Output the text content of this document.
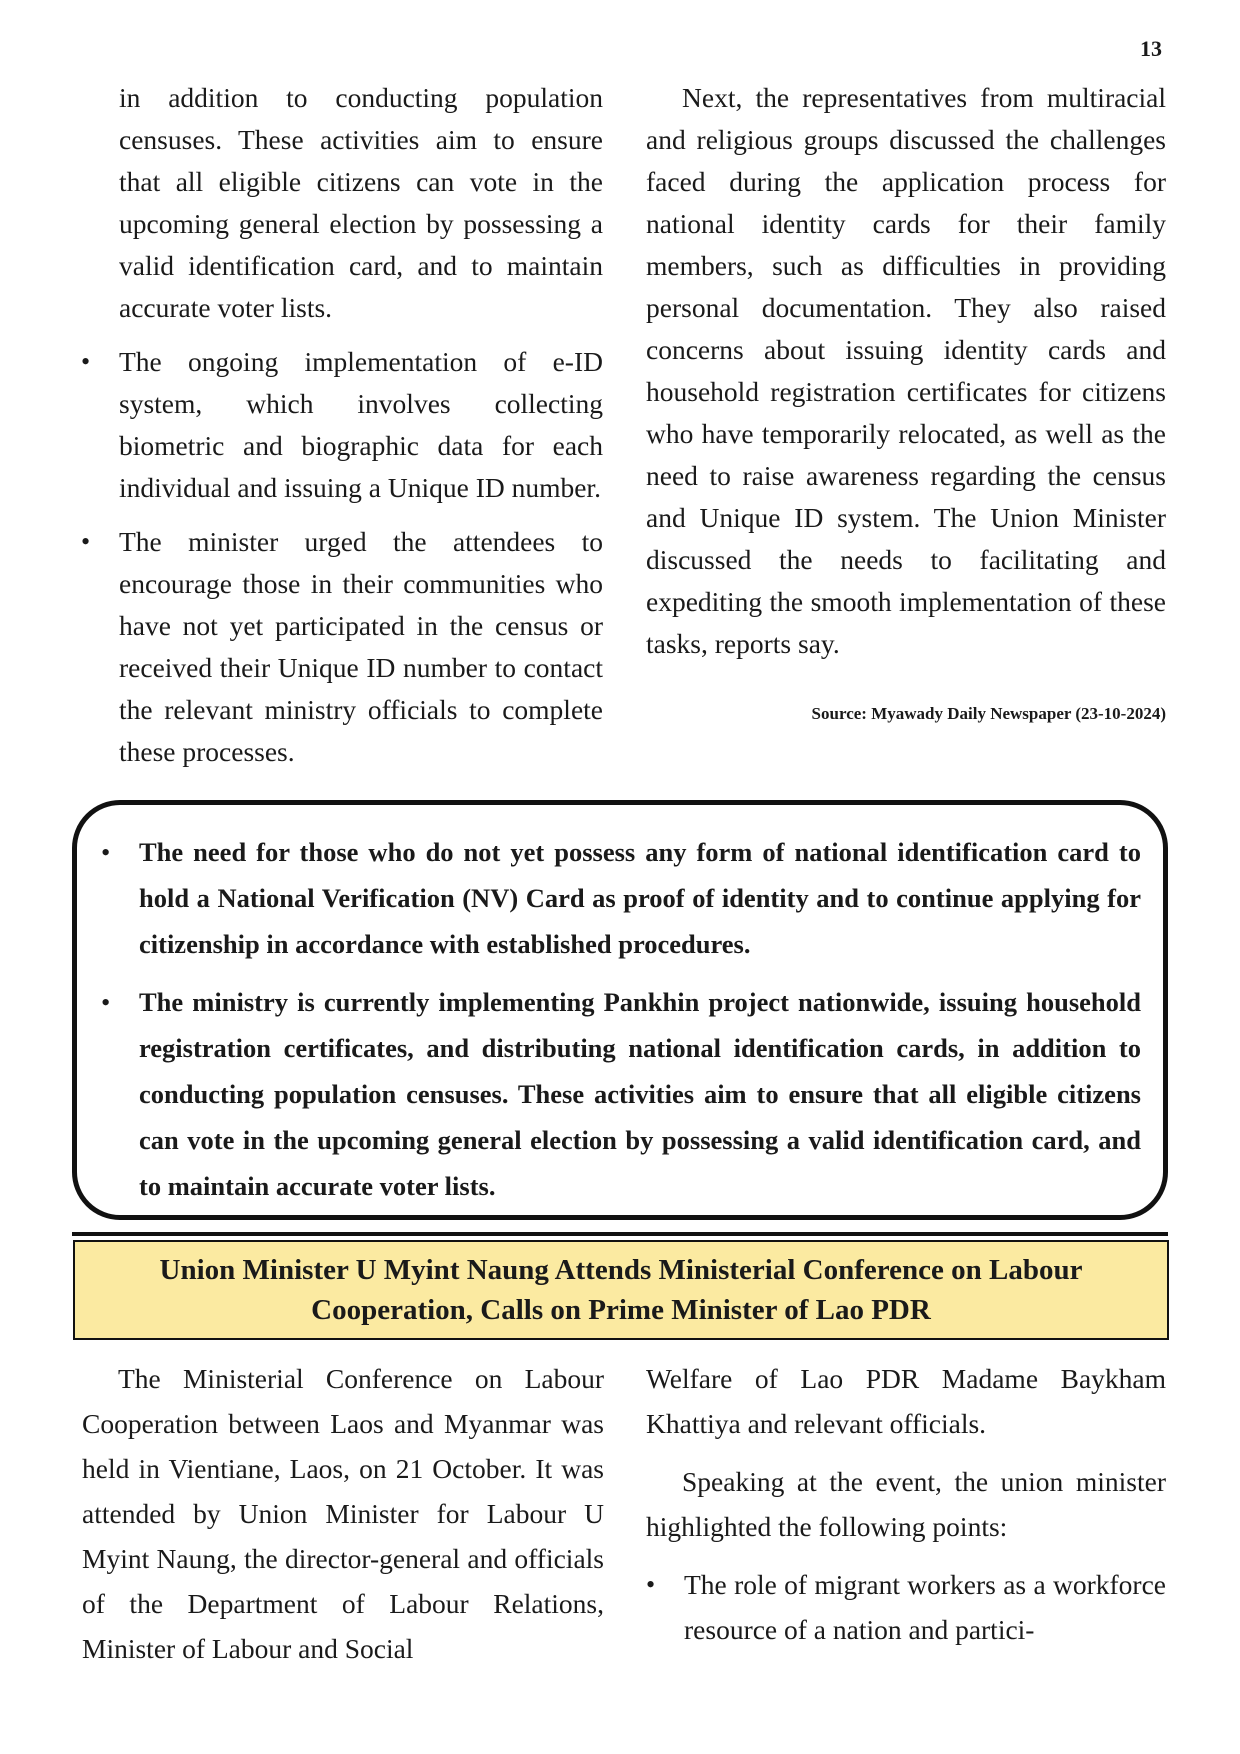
13

in addition to conducting population censuses. These activities aim to ensure that all eligible citizens can vote in the upcoming general election by possessing a valid identification card, and to maintain accurate voter lists.

• The ongoing implementation of e-ID system, which involves collecting biometric and biographic data for each individual and issuing a Unique ID number.
• The minister urged the attendees to encourage those in their communities who have not yet participated in the census or received their Unique ID number to contact the relevant ministry officials to complete these processes.

Next, the representatives from multiracial and religious groups discussed the challenges faced during the application process for national identity cards for their family members, such as difficulties in providing personal documentation. They also raised concerns about issuing identity cards and household registration certificates for citizens who have temporarily relocated, as well as the need to raise awareness regarding the census and Unique ID system. The Union Minister discussed the needs to facilitating and expediting the smooth implementation of these tasks, reports say.

Source: Myawady Daily Newspaper (23-10-2024)
• The need for those who do not yet possess any form of national identification card to hold a National Verification (NV) Card as proof of identity and to continue applying for citizenship in accordance with established procedures.
• The ministry is currently implementing Pankhin project nationwide, issuing household registration certificates, and distributing national identification cards, in addition to conducting population censuses. These activities aim to ensure that all eligible citizens can vote in the upcoming general election by possessing a valid identification card, and to maintain accurate voter lists.
Union Minister U Myint Naung Attends Ministerial Conference on Labour
Cooperation, Calls on Prime Minister of Lao PDR

The Ministerial Conference on Labour Cooperation between Laos and Myanmar was held in Vientiane, Laos, on 21 October. It was attended by Union Minister for Labour U Myint Naung, the director-general and officials of the Department of Labour Relations, Minister of Labour and Social

Welfare of Lao PDR Madame Baykham Khattiya and relevant officials.

Speaking at the event, the union minister highlighted the following points:

• The role of migrant workers as a workforce resource of a nation and partici-
